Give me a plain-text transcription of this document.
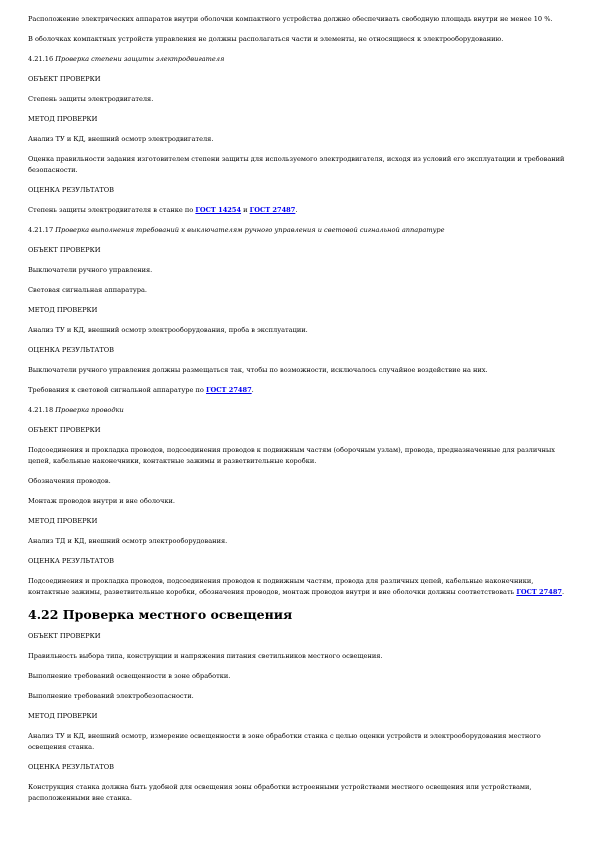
Расположение электрических аппаратов внутри оболочки компактного устройства должно обеспечивать свободную площадь внутри не менее 10 %.

В оболочках компактных устройств управления не должны располагаться части и элементы, не относящиеся к электрооборудованию.

4.21.16 Проверка степени защиты электродвигателя

ОБЪЕКТ ПРОВЕРКИ

Степень защиты электродвигателя.

МЕТОД ПРОВЕРКИ

Анализ ТУ и КД, внешний осмотр электродвигателя.

Оценка правильности задания изготовителем степени защиты для используемого электродвигателя, исходя из условий его эксплуатации и требований безопасности.

ОЦЕНКА РЕЗУЛЬТАТОВ

Степень защиты электродвигателя в станке по ГОСТ 14254 и ГОСТ 27487.

4.21.17 Проверка выполнения требований к выключателям ручного управления и световой сигнальной аппаратуре

ОБЪЕКТ ПРОВЕРКИ

Выключатели ручного управления.

Световая сигнальная аппаратура.

МЕТОД ПРОВЕРКИ

Анализ ТУ и КД, внешний осмотр электрооборудования, проба в эксплуатации.

ОЦЕНКА РЕЗУЛЬТАТОВ

Выключатели ручного управления должны размещаться так, чтобы по возможности, исключалось случайное воздействие на них.

Требования к световой сигнальной аппаратуре по ГОСТ 27487.

4.21.18 Проверка проводки

ОБЪЕКТ ПРОВЕРКИ

Подсоединения и прокладка проводов, подсоединения проводов к подвижным частям (оборочным узлам), провода, предназначенные для различных цепей, кабельные наконечники, контактные зажимы и разветвительные коробки.

Обозначения проводов.

Монтаж проводов внутри и вне оболочки.

МЕТОД ПРОВЕРКИ

Анализ ТД и КД, внешний осмотр электрооборудования.

ОЦЕНКА РЕЗУЛЬТАТОВ

Подсоединения и прокладка проводов, подсоединения проводов к подвижным частям, провода для различных цепей, кабельные наконечники, контактные зажимы, разветвительные коробки, обозначения проводов, монтаж проводов внутри и вне оболочки должны соответствовать ГОСТ 27487.

4.22 Проверка местного освещения

ОБЪЕКТ ПРОВЕРКИ

Правильность выбора типа, конструкции и напряжения питания светильников местного освещения.

Выполнение требований освещенности в зоне обработки.

Выполнение требований электробезопасности.

МЕТОД ПРОВЕРКИ

Анализ ТУ и КД, внешний осмотр, измерение освещенности в зоне обработки станка с целью оценки устройств и электрооборудования местного освещения станка.

ОЦЕНКА РЕЗУЛЬТАТОВ

Конструкция станка должна быть удобной для освещения зоны обработки встроенными устройствами местного освещения или устройствами, расположенными вне станка.
